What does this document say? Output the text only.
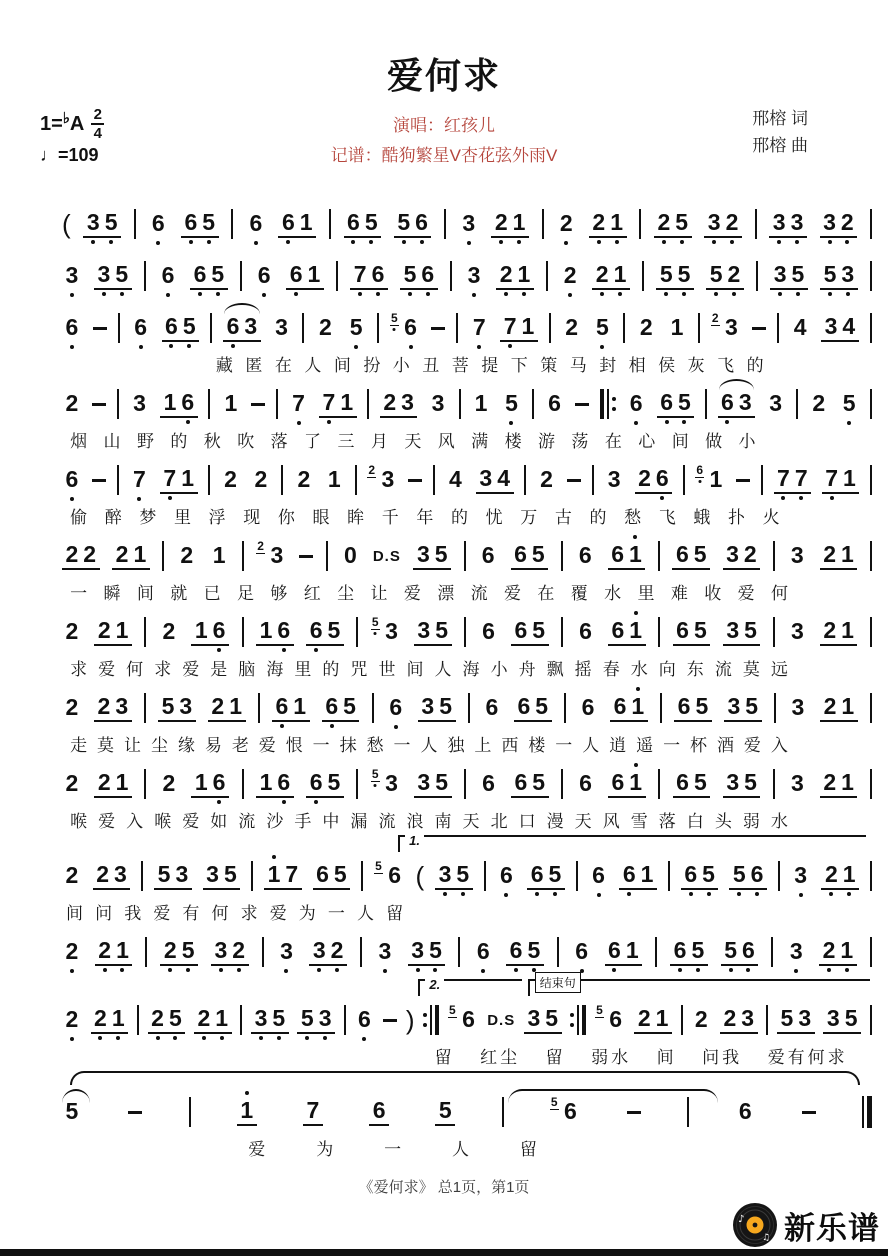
爱何求
1= ♭ A $\frac{2}{4}$
♩=109
演唱：红孩儿
记谱：酷狗繁星V杏花弦外雨V
邢榕 词
邢榕 曲
( 3 5 6 6 5 6 6 1 6 5 5 6 3 2 1 2 2 1 2 5 3 2 3 3 3 2
3 3 5 6 6 5 6 6 1 7 6 5 6 3 2 1 2 2 1 5 5 5 2 3 5 5 3
6 6 6 5 6 3 3 2 5 5 6 7 7 1 2 5 2 1 2 3 4 3 4
藏 匿 在 人 间 扮 小 丑 菩 提 下 策 马 封 相 侯 灰 飞 的
2 3 1 6 1 7 7 1 2 3 3 1 5 6	6 6 5 6 3 3 2 5
烟 山 野 的 秋 吹 落 了 三 月 天 风 满 楼 游 荡 在 心 间 做 小
6 7 7 1 2 2 2 1 2 3 4 3 4 2 3 2 6 6 1 7 7 7 1
偷 醉 梦 里 浮 现 你 眼 眸 千 年 的 忧 万 古 的 愁 飞 蛾 扑 火
2 2 2 1 2 1	2 3	0 D.S 3 5 6 6 5 6 6 1 6 5 3 2 3 2 1
一 瞬 间 就 已 足 够 红 尘 让 爱 漂 流 爱 在 覆 水 里 难 收 爱 何
2 2 1 2 1 6 1 6 6 5	5 3 3 5 6 6 5 6 6 1 6 5 3 5 3 2 1
求 爱 何 求 爱 是 脑 海 里 的 咒 世 间 人 海 小 舟 飘 摇 春 水 向 东 流 莫 远
2 2 3 5 3 2 1 6 1 6 5 6 3 5 6 6 5 6 6 1 6 5 3 5 3 2 1
走 莫 让 尘 缘 易 老 爱 恨 一 抹 愁 一 人 独 上 西 楼 一 人 逍 遥 一 杯 酒 爱 入
2 2 1 2 1 6 1 6 6 5	5 3 3 5 6 6 5 6 6 1 6 5 3 5 3 2 1
喉 爱 入 喉 爱 如 流 沙 手 中 漏 流 浪 南 天 北 口 漫 天 风 雪 落 白 头 弱 水
1.
2 2 3 5 3 3 5 1 7 6 5 5 6 ( 3 5 6 6 5 6 6 1 6 5 5 6 3 2 1
间 问 我 爱 有 何 求 爱 为 一 人 留
2 2 1 2 5 3 2 3 3 2 3 3 5 6 6 5 6 6 1 6 5 5 6 3 2 1
2.	结束句
2 2 1 2 5 2 1 3 5 5 3 6 )	5 6 D.S 3 5	5 6 2 1 2 2 3 5 3 3 5
留 红尘 留 弱水 间 问我 爱有何求
5	1 7 6 5	5 6	6
爱	为	一	人	留
《爱何求》 总1页，第1页
♪
♫ 新乐谱
